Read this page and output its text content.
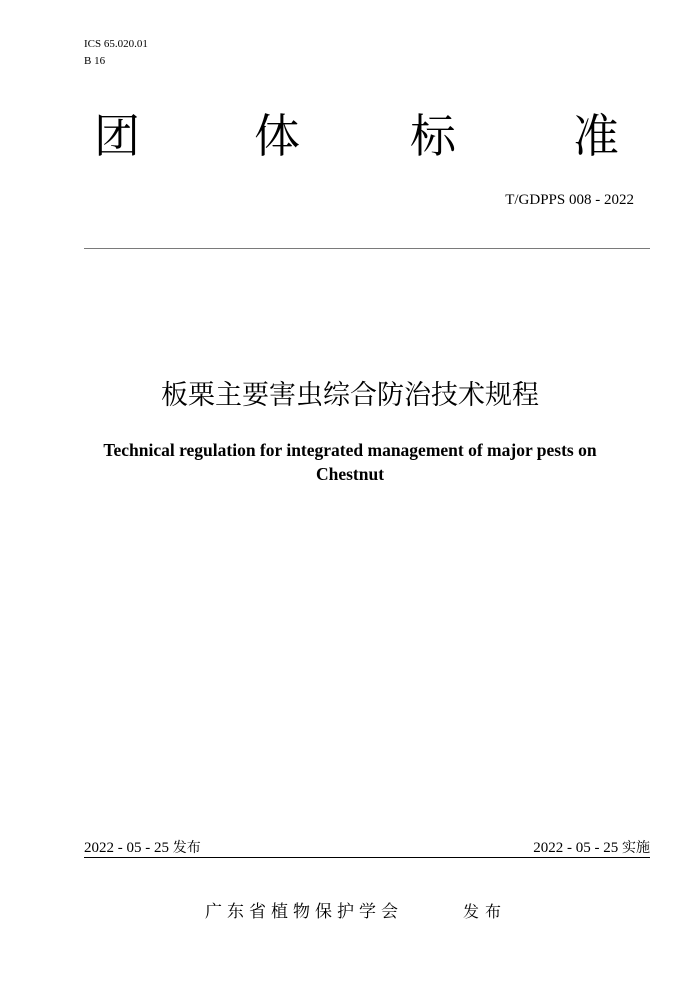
ICS 65.020.01
B 16
团 体 标	准
T/GDPPS 008 - 2022
板栗主要害虫综合防治技术规程
Technical regulation for integrated management of major pests on
Chestnut
2022 - 05 - 25 发布	2022 - 05 - 25 实施
广东省植物保护学会	发布
